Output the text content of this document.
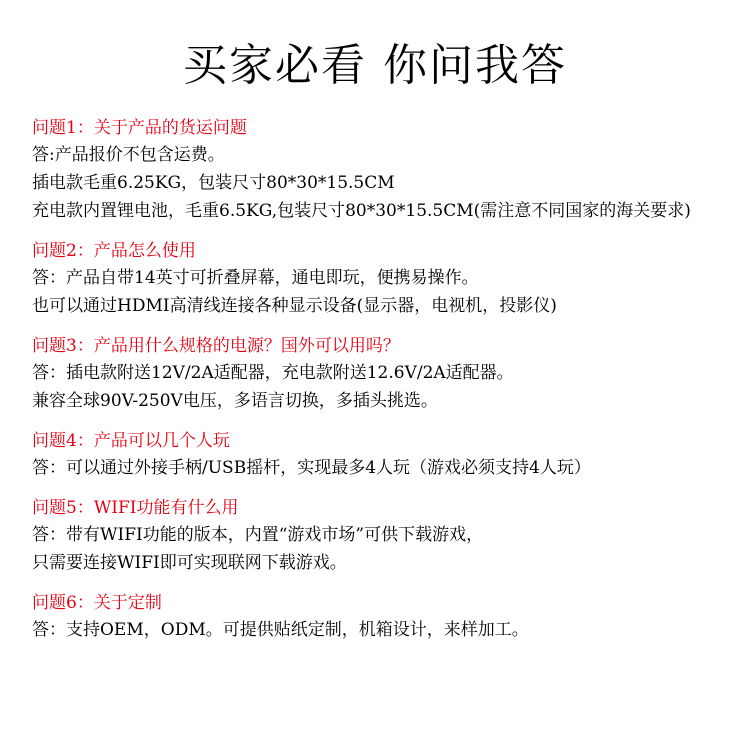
买家必看 你问我答
问题1：关于产品的货运问题
答:产品报价不包含运费。
插电款毛重6.25KG，包装尺寸80*30*15.5CM
充电款内置锂电池，毛重6.5KG,包装尺寸80*30*15.5CM(需注意不同国家的海关要求)
问题2：产品怎么使用
答：产品自带14英寸可折叠屏幕，通电即玩，便携易操作。
也可以通过HDMI高清线连接各种显示设备(显示器，电视机，投影仪)
问题3：产品用什么规格的电源？国外可以用吗？
答：插电款附送12V/2A适配器，充电款附送12.6V/2A适配器。
兼容全球90V-250V电压，多语言切换，多插头挑选。
问题4：产品可以几个人玩
答：可以通过外接手柄/USB摇杆，实现最多4人玩（游戏必须支持4人玩）
问题5：WIFI功能有什么用
答：带有WIFI功能的版本，内置“游戏市场”可供下载游戏，
只需要连接WIFI即可实现联网下载游戏。
问题6：关于定制
答：支持OEM，ODM。可提供贴纸定制，机箱设计，来样加工。
